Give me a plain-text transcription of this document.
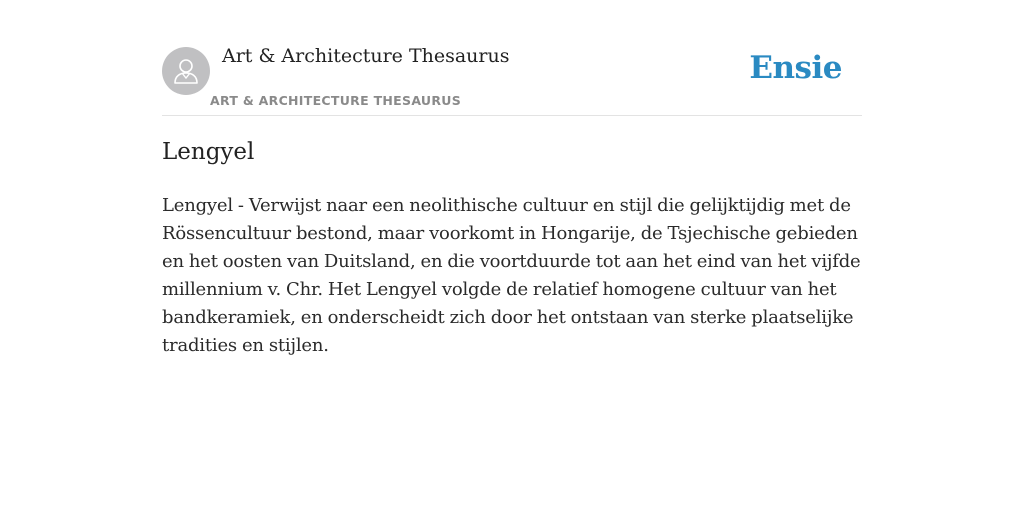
Art & Architecture Thesaurus
ART & ARCHITECTURE THESAURUS
Ensie
Lengyel

Lengyel - Verwijst naar een neolithische cultuur en stijl die gelijktijdig met de Rössencultuur bestond, maar voorkomt in Hongarije, de Tsjechische gebieden en het oosten van Duitsland, en die voortduurde tot aan het eind van het vijfde millennium v. Chr. Het Lengyel volgde de relatief homogene cultuur van het bandkeramiek, en onderscheidt zich door het ontstaan van sterke plaatselijke tradities en stijlen.
